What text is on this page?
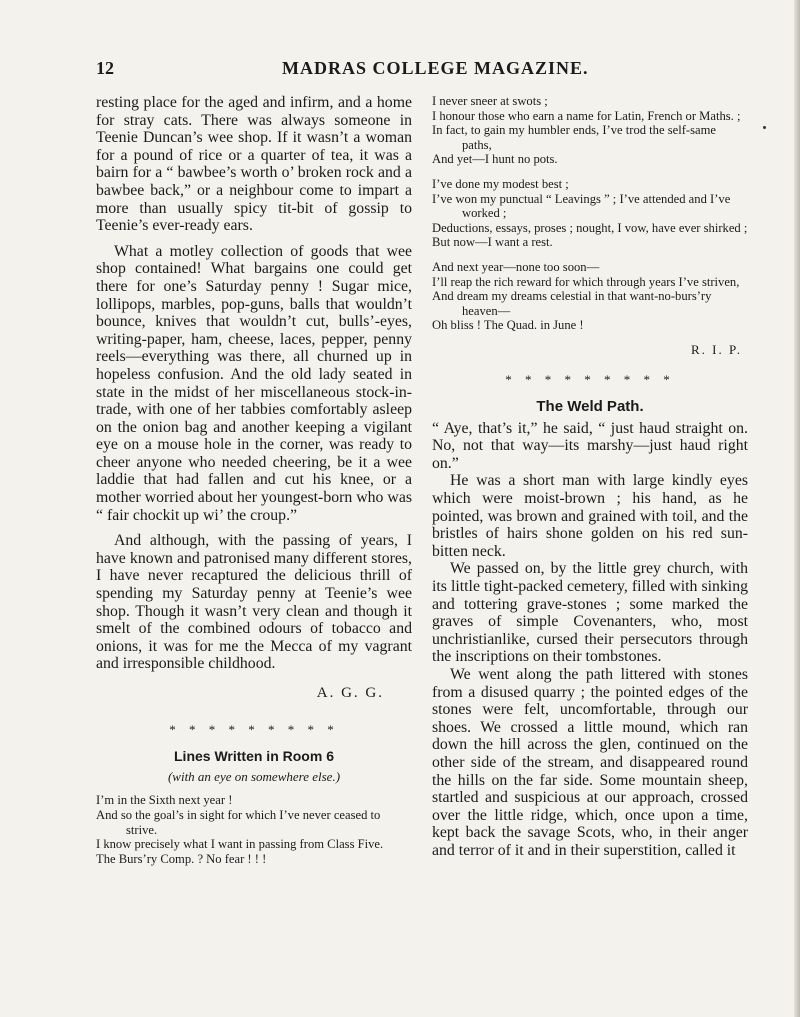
12	MADRAS COLLEGE MAGAZINE.

resting place for the aged and infirm, and a home for stray cats. There was always someone in Teenie Duncan’s wee shop. If it wasn’t a woman for a pound of rice or a quarter of tea, it was a bairn for a “ bawbee’s worth o’ broken rock and a bawbee back,” or a neighbour come to impart a more than usually spicy tit-bit of gossip to Teenie’s ever-ready ears.

What a motley collection of goods that wee shop contained! What bargains one could get there for one’s Saturday penny ! Sugar mice, lollipops, marbles, pop-guns, balls that wouldn’t bounce, knives that wouldn’t cut, bulls’-eyes, writing-paper, ham, cheese, laces, pepper, penny reels—everything was there, all churned up in hopeless confusion. And the old lady seated in state in the midst of her miscellaneous stock-in-trade, with one of her tabbies comfortably asleep on the onion bag and another keeping a vigilant eye on a mouse hole in the corner, was ready to cheer anyone who needed cheering, be it a wee laddie that had fallen and cut his knee, or a mother worried about her youngest-born who was “ fair chockit up wi’ the croup.”

And although, with the passing of years, I have known and patronised many different stores, I have never recaptured the delicious thrill of spending my Saturday penny at Teenie’s wee shop. Though it wasn’t very clean and though it smelt of the combined odours of tobacco and onions, it was for me the Mecca of my vagrant and irresponsible childhood.

A. G. G.
* * * * * * * * *
Lines Written in Room 6
(with an eye on somewhere else.)
I’m in the Sixth next year !
And so the goal’s in sight for which I’ve never ceased to strive.
I know precisely what I want in passing from Class Five.
The Burs’ry Comp. ? No fear ! ! !
I never sneer at swots ;
I honour those who earn a name for Latin, French or Maths. ;
In fact, to gain my humbler ends, I’ve trod the self-same paths,
And yet—I hunt no pots.
I’ve done my modest best ;
I’ve won my punctual “ Leavings ” ; I’ve attended and I’ve worked ;
Deductions, essays, proses ; nought, I vow, have ever shirked ;
But now—I want a rest.
And next year—none too soon—
I’ll reap the rich reward for which through years I’ve striven,
And dream my dreams celestial in that want-no-burs’ry heaven—
Oh bliss ! The Quad. in June !
R. I. P.
* * * * * * * * *
The Weld Path.

“ Aye, that’s it,” he said, “ just haud straight on. No, not that way—its marshy—just haud right on.”

He was a short man with large kindly eyes which were moist-brown ; his hand, as he pointed, was brown and grained with toil, and the bristles of hairs shone golden on his red sun-bitten neck.

We passed on, by the little grey church, with its little tight-packed cemetery, filled with sinking and tottering grave-stones ; some marked the graves of simple Covenanters, who, most unchristianlike, cursed their persecutors through the inscriptions on their tombstones.

We went along the path littered with stones from a disused quarry ; the pointed edges of the stones were felt, uncomfortable, through our shoes. We crossed a little mound, which ran down the hill across the glen, continued on the other side of the stream, and disappeared round the hills on the far side. Some mountain sheep, startled and suspicious at our approach, crossed over the little ridge, which, once upon a time, kept back the savage Scots, who, in their anger and terror of it and in their superstition, called it
